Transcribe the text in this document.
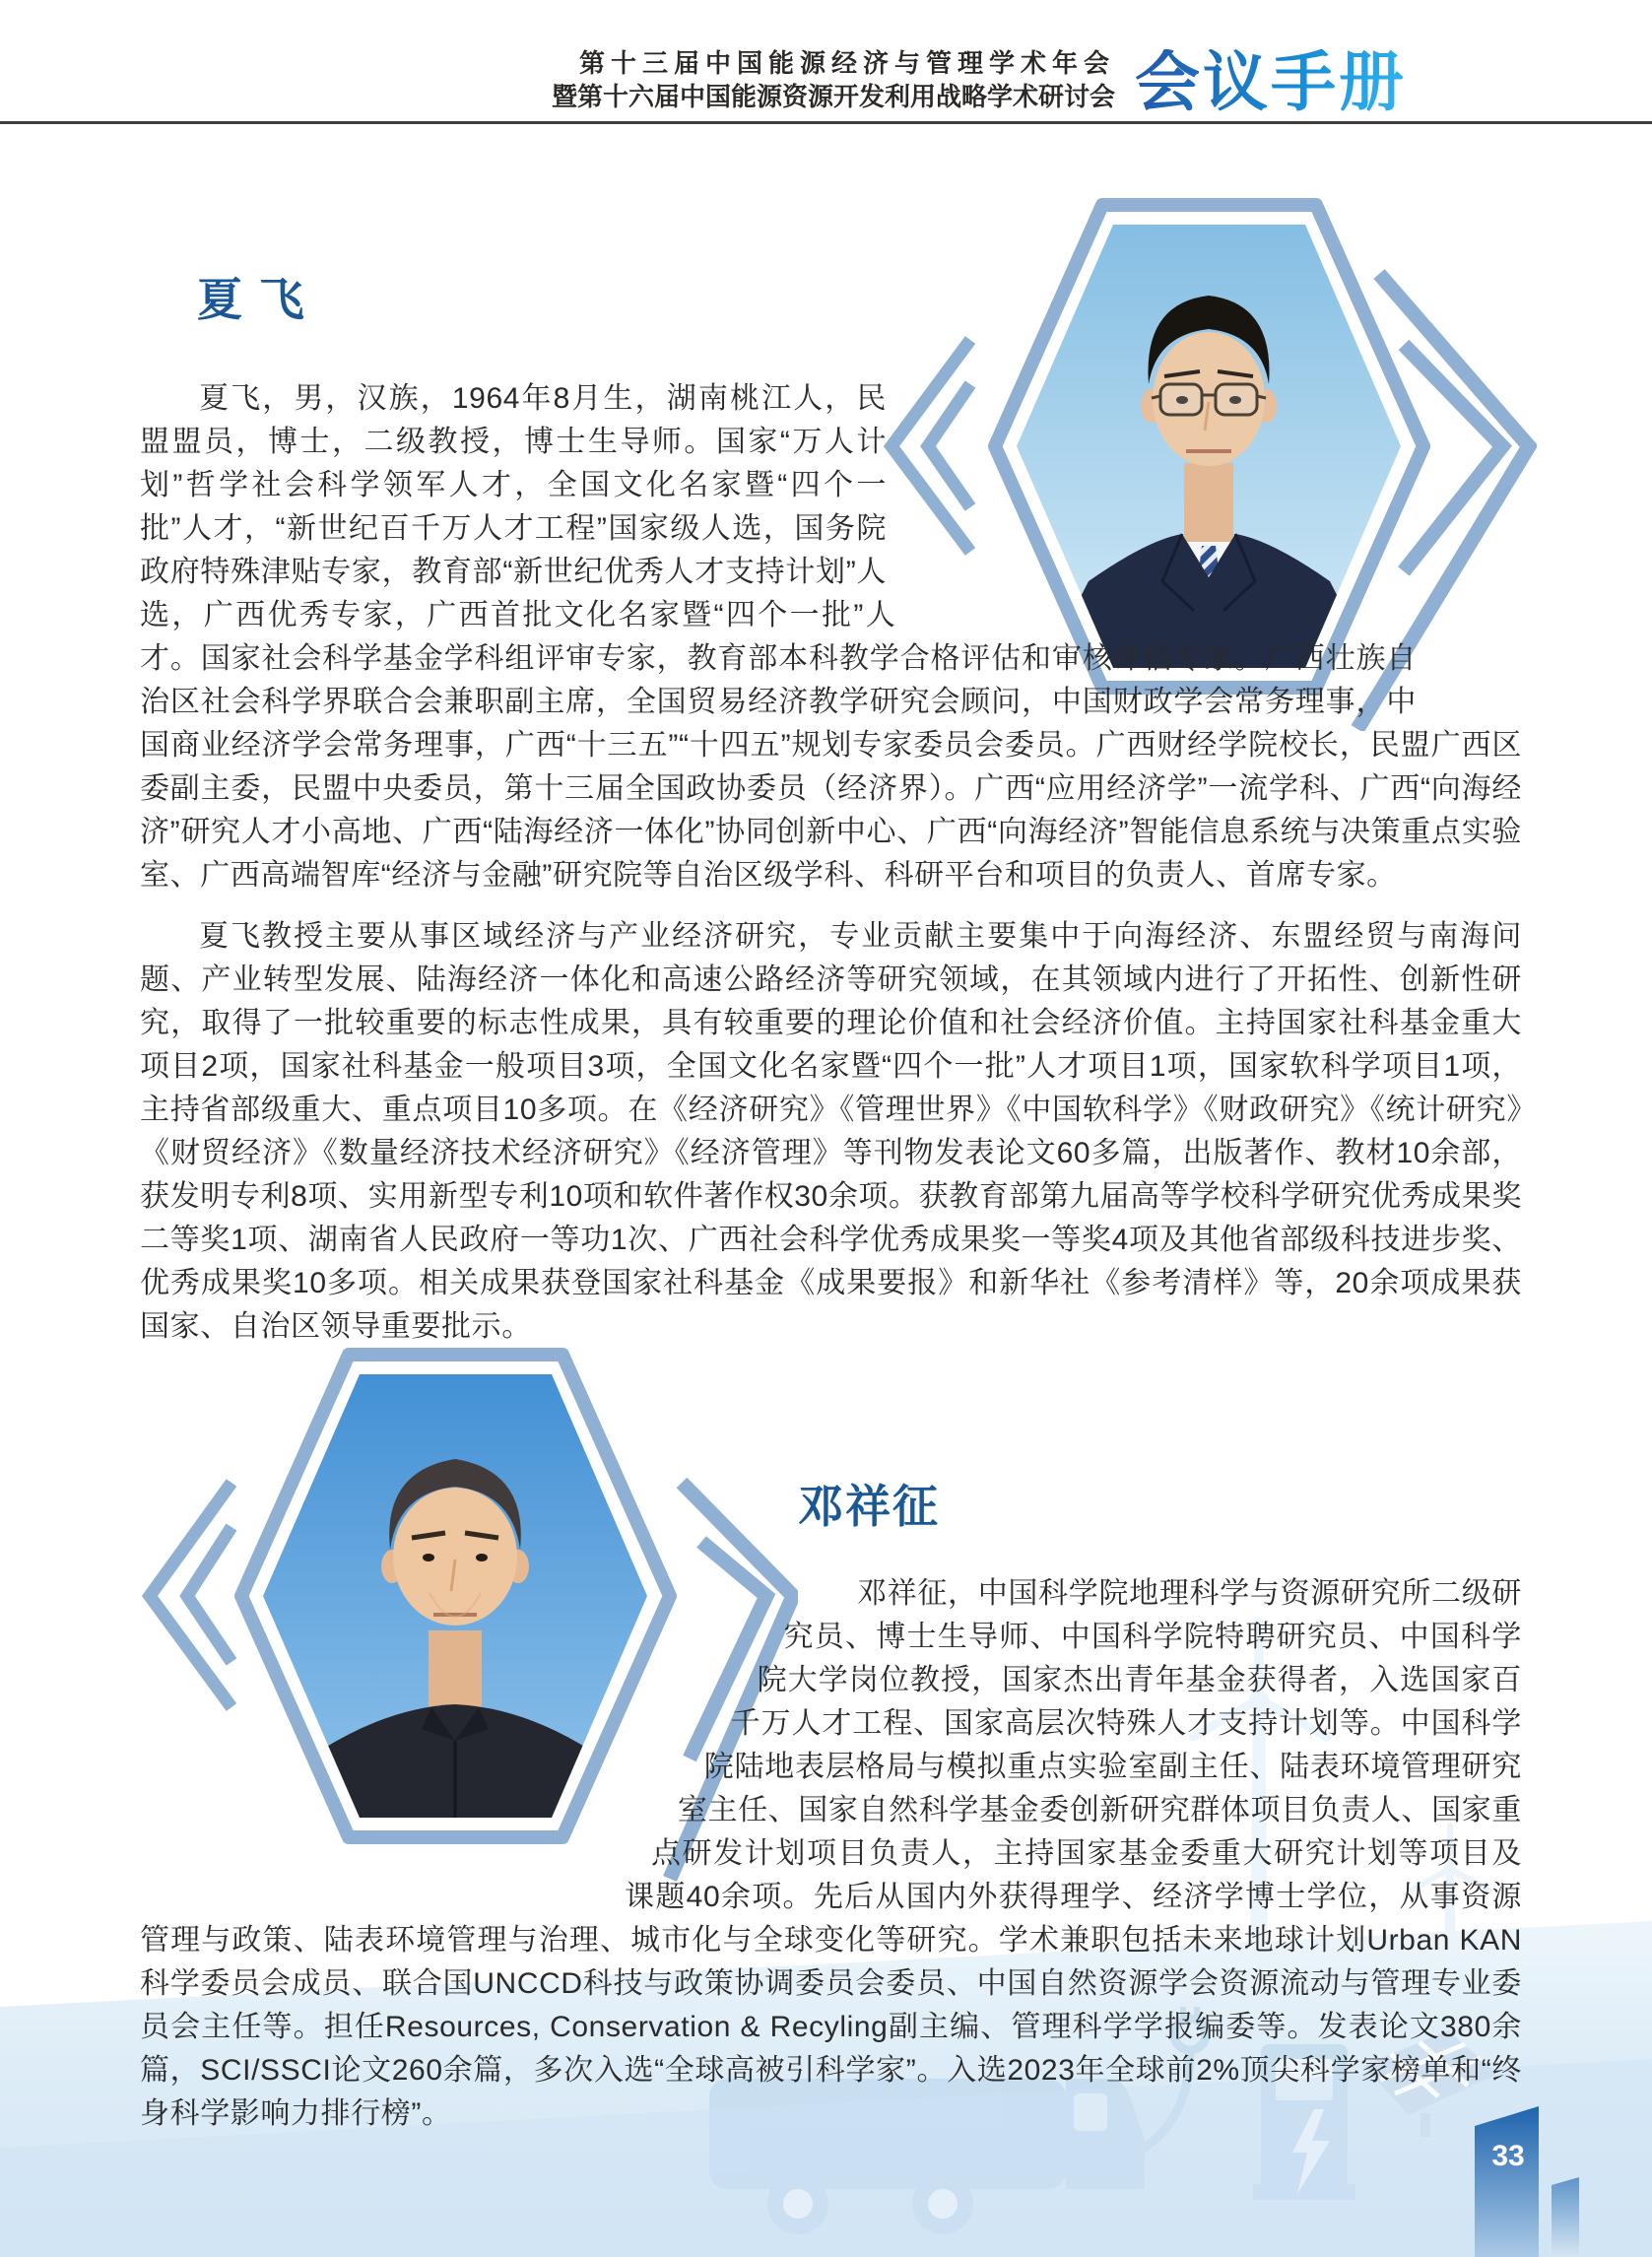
第十三届中国能源经济与管理学术年会
暨第十六届中国能源资源开发利用战略学术研讨会 会议手册
33
夏 飞

夏飞，男，汉族，1964年8月生，湖南桃江人，民盟盟员，博士，二级教授，博士生导师。国家“万人计划”哲学社会科学领军人才，全国文化名家暨“四个一批”人才，“新世纪百千万人才工程”国家级人选，国务院政府特殊津贴专家，教育部“新世纪优秀人才支持计划”人选，广西优秀专家，广西首批文化名家暨“四个一批”人才。国家社会科学基金学科组评审专家，教育部本科教学合格评估和审核评估专家。广西壮族自治区社会科学界联合会兼职副主席，全国贸易经济教学研究会顾问，中国财政学会常务理事，中国商业经济学会常务理事，广西“十三五”“十四五”规划专家委员会委员。广西财经学院校长，民盟广西区委副主委，民盟中央委员，第十三届全国政协委员（经济界）。广西“应用经济学”一流学科、广西“向海经济”研究人才小高地、广西“陆海经济一体化”协同创新中心、广西“向海经济”智能信息系统与决策重点实验室、广西高端智库“经济与金融”研究院等自治区级学科、科研平台和项目的负责人、首席专家。

夏飞教授主要从事区域经济与产业经济研究，专业贡献主要集中于向海经济、东盟经贸与南海问题、产业转型发展、陆海经济一体化和高速公路经济等研究领域，在其领域内进行了开拓性、创新性研究，取得了一批较重要的标志性成果，具有较重要的理论价值和社会经济价值。主持国家社科基金重大项目2项，国家社科基金一般项目3项，全国文化名家暨“四个一批”人才项目1项，国家软科学项目1项，主持省部级重大、重点项目10多项。在《经济研究》《管理世界》《中国软科学》《财政研究》《统计研究》《财贸经济》《数量经济技术经济研究》《经济管理》等刊物发表论文60多篇，出版著作、教材10余部，获发明专利8项、实用新型专利10项和软件著作权30余项。获教育部第九届高等学校科学研究优秀成果奖二等奖1项、湖南省人民政府一等功1次、广西社会科学优秀成果奖一等奖4项及其他省部级科技进步奖、优秀成果奖10多项。相关成果获登国家社科基金《成果要报》和新华社《参考清样》等，20余项成果获国家、自治区领导重要批示。

邓祥征

邓祥征，中国科学院地理科学与资源研究所二级研究员、博士生导师、中国科学院特聘研究员、中国科学院大学岗位教授，国家杰出青年基金获得者，入选国家百千万人才工程、国家高层次特殊人才支持计划等。中国科学院陆地表层格局与模拟重点实验室副主任、陆表环境管理研究室主任、国家自然科学基金委创新研究群体项目负责人、国家重点研发计划项目负责人，主持国家基金委重大研究计划等项目及课题40余项。先后从国内外获得理学、经济学博士学位，从事资源管理与政策、陆表环境管理与治理、城市化与全球变化等研究。学术兼职包括未来地球计划Urban KAN科学委员会成员、联合国UNCCD科技与政策协调委员会委员、中国自然资源学会资源流动与管理专业委员会主任等。担任Resources, Conservation & Recyling副主编、管理科学学报编委等。发表论文380余篇，SCI/SSCI论文260余篇，多次入选“全球高被引科学家”。入选2023年全球前2%顶尖科学家榜单和“终身科学影响力排行榜”。
